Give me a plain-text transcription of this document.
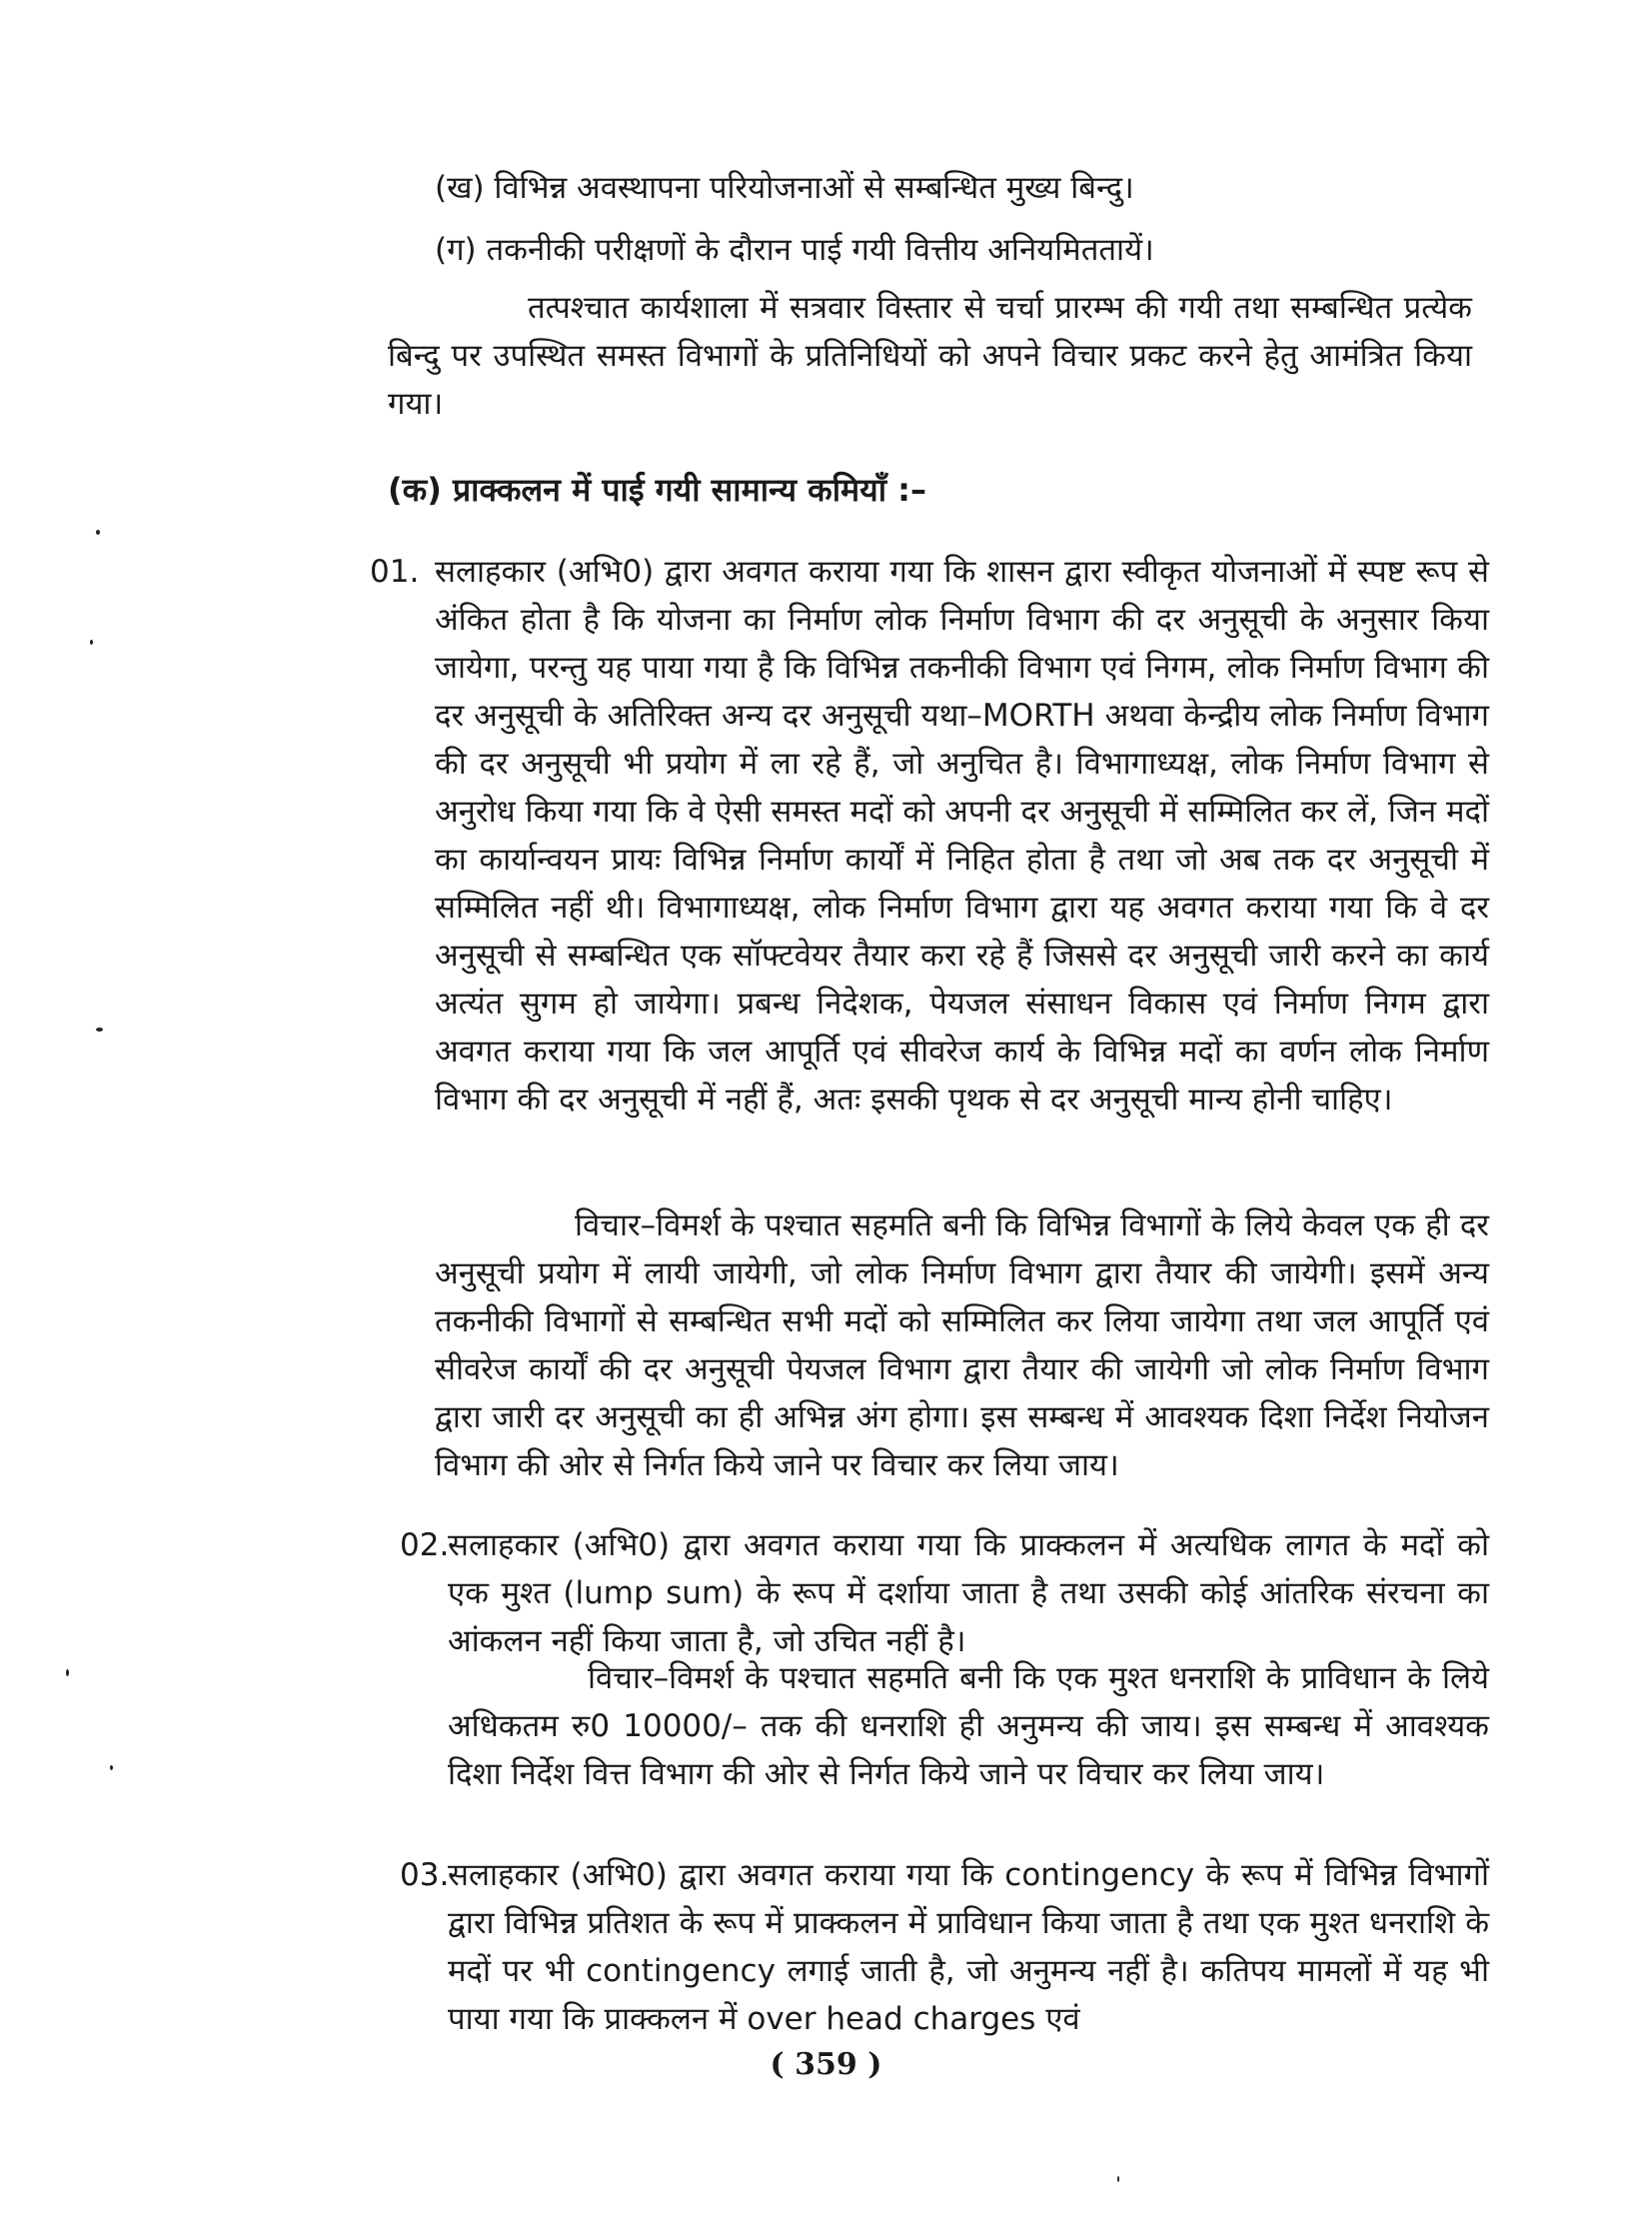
(ख) विभिन्न अवस्थापना परियोजनाओं से सम्बन्धित मुख्य बिन्दु।
(ग) तकनीकी परीक्षणों के दौरान पाई गयी वित्तीय अनियमिततायें।
तत्पश्चात कार्यशाला में सत्रवार विस्तार से चर्चा प्रारम्भ की गयी तथा सम्बन्धित प्रत्येक बिन्दु पर उपस्थित समस्त विभागों के प्रतिनिधियों को अपने विचार प्रकट करने हेतु आमंत्रित किया गया।
(क) प्राक्कलन में पाई गयी सामान्य कमियाँ :–
01. सलाहकार (अभि0) द्वारा अवगत कराया गया कि शासन द्वारा स्वीकृत योजनाओं में स्पष्ट रूप से अंकित होता है कि योजना का निर्माण लोक निर्माण विभाग की दर अनुसूची के अनुसार किया जायेगा, परन्तु यह पाया गया है कि विभिन्न तकनीकी विभाग एवं निगम, लोक निर्माण विभाग की दर अनुसूची के अतिरिक्त अन्य दर अनुसूची यथा–MORTH अथवा केन्द्रीय लोक निर्माण विभाग की दर अनुसूची भी प्रयोग में ला रहे हैं, जो अनुचित है। विभागाध्यक्ष, लोक निर्माण विभाग से अनुरोध किया गया कि वे ऐसी समस्त मदों को अपनी दर अनुसूची में सम्मिलित कर लें, जिन मदों का कार्यान्वयन प्रायः विभिन्न निर्माण कार्यों में निहित होता है तथा जो अब तक दर अनुसूची में सम्मिलित नहीं थी। विभागाध्यक्ष, लोक निर्माण विभाग द्वारा यह अवगत कराया गया कि वे दर अनुसूची से सम्बन्धित एक सॉफ्टवेयर तैयार करा रहे हैं जिससे दर अनुसूची जारी करने का कार्य अत्यंत सुगम हो जायेगा। प्रबन्ध निदेशक, पेयजल संसाधन विकास एवं निर्माण निगम द्वारा अवगत कराया गया कि जल आपूर्ति एवं सीवरेज कार्य के विभिन्न मदों का वर्णन लोक निर्माण विभाग की दर अनुसूची में नहीं हैं, अतः इसकी पृथक से दर अनुसूची मान्य होनी चाहिए।
विचार–विमर्श के पश्चात सहमति बनी कि विभिन्न विभागों के लिये केवल एक ही दर अनुसूची प्रयोग में लायी जायेगी, जो लोक निर्माण विभाग द्वारा तैयार की जायेगी। इसमें अन्य तकनीकी विभागों से सम्बन्धित सभी मदों को सम्मिलित कर लिया जायेगा तथा जल आपूर्ति एवं सीवरेज कार्यों की दर अनुसूची पेयजल विभाग द्वारा तैयार की जायेगी जो लोक निर्माण विभाग द्वारा जारी दर अनुसूची का ही अभिन्न अंग होगा। इस सम्बन्ध में आवश्यक दिशा निर्देश नियोजन विभाग की ओर से निर्गत किये जाने पर विचार कर लिया जाय।
02.
सलाहकार (अभि0) द्वारा अवगत कराया गया कि प्राक्कलन में अत्यधिक लागत के मदों को एक मुश्त (lump sum) के रूप में दर्शाया जाता है तथा उसकी कोई आंतरिक संरचना का आंकलन नहीं किया जाता है, जो उचित नहीं है।
विचार–विमर्श के पश्चात सहमति बनी कि एक मुश्त धनराशि के प्राविधान के लिये अधिकतम रु0 10000/– तक की धनराशि ही अनुमन्य की जाय। इस सम्बन्ध में आवश्यक दिशा निर्देश वित्त विभाग की ओर से निर्गत किये जाने पर विचार कर लिया जाय।
03.
सलाहकार (अभि0) द्वारा अवगत कराया गया कि contingency के रूप में विभिन्न विभागों द्वारा विभिन्न प्रतिशत के रूप में प्राक्कलन में प्राविधान किया जाता है तथा एक मुश्त धनराशि के मदों पर भी contingency लगाई जाती है, जो अनुमन्य नहीं है। कतिपय मामलों में यह भी पाया गया कि प्राक्कलन में over head charges एवं
( 359 )
